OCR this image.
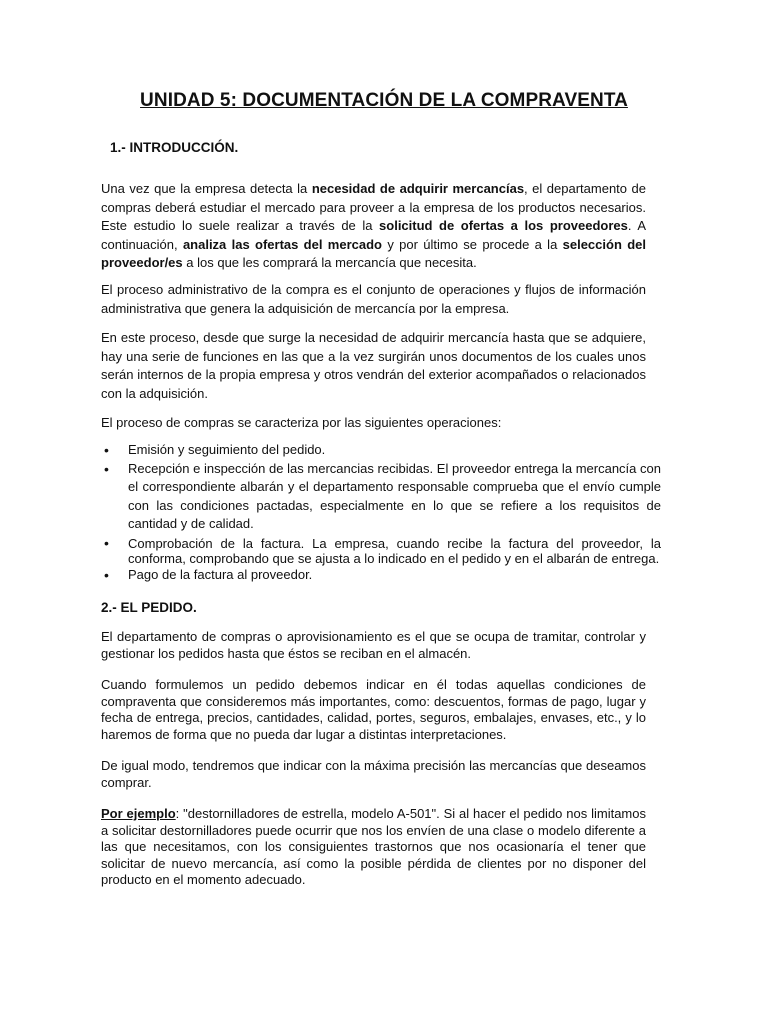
UNIDAD 5: DOCUMENTACIÓN DE LA COMPRAVENTA
1.- INTRODUCCIÓN.
Una vez que la empresa detecta la necesidad de adquirir mercancías, el departamento de compras deberá estudiar el mercado para proveer a la empresa de los productos necesarios. Este estudio lo suele realizar a través de la solicitud de ofertas a los proveedores. A continuación, analiza las ofertas del mercado y por último se procede a la selección del proveedor/es a los que les comprará la mercancía que necesita.
El proceso administrativo de la compra es el conjunto de operaciones y flujos de información administrativa que genera la adquisición de mercancía por la empresa.
En este proceso, desde que surge la necesidad de adquirir mercancía hasta que se adquiere, hay una serie de funciones en las que a la vez surgirán unos documentos de los cuales unos serán internos de la propia empresa y otros vendrán del exterior acompañados o relacionados con la adquisición.
El proceso de compras se caracteriza por las siguientes operaciones:
• Emisión y seguimiento del pedido.
• Recepción e inspección de las mercancias recibidas. El proveedor entrega la mercancía con el correspondiente albarán y el departamento responsable comprueba que el envío cumple con las condiciones pactadas, especialmente en lo que se refiere a los requisitos de cantidad y de calidad.
• Comprobación de la factura. La empresa, cuando recibe la factura del proveedor, la conforma, comprobando que se ajusta a lo indicado en el pedido y en el albarán de entrega.
• Pago de la factura al proveedor.
2.- EL PEDIDO.
El departamento de compras o aprovisionamiento es el que se ocupa de tramitar, controlar y gestionar los pedidos hasta que éstos se reciban en el almacén.
Cuando formulemos un pedido debemos indicar en él todas aquellas condiciones de compraventa que consideremos más importantes, como: descuentos, formas de pago, lugar y fecha de entrega, precios, cantidades, calidad, portes, seguros, embalajes, envases, etc., y lo haremos de forma que no pueda dar lugar a distintas interpretaciones.
De igual modo, tendremos que indicar con la máxima precisión las mercancías que deseamos comprar.
Por ejemplo: "destornilladores de estrella, modelo A-501". Si al hacer el pedido nos limitamos a solicitar destornilladores puede ocurrir que nos los envíen de una clase o modelo diferente a las que necesitamos, con los consiguientes trastornos que nos ocasionaría el tener que solicitar de nuevo mercancía, así como la posible pérdida de clientes por no disponer del producto en el momento adecuado.
